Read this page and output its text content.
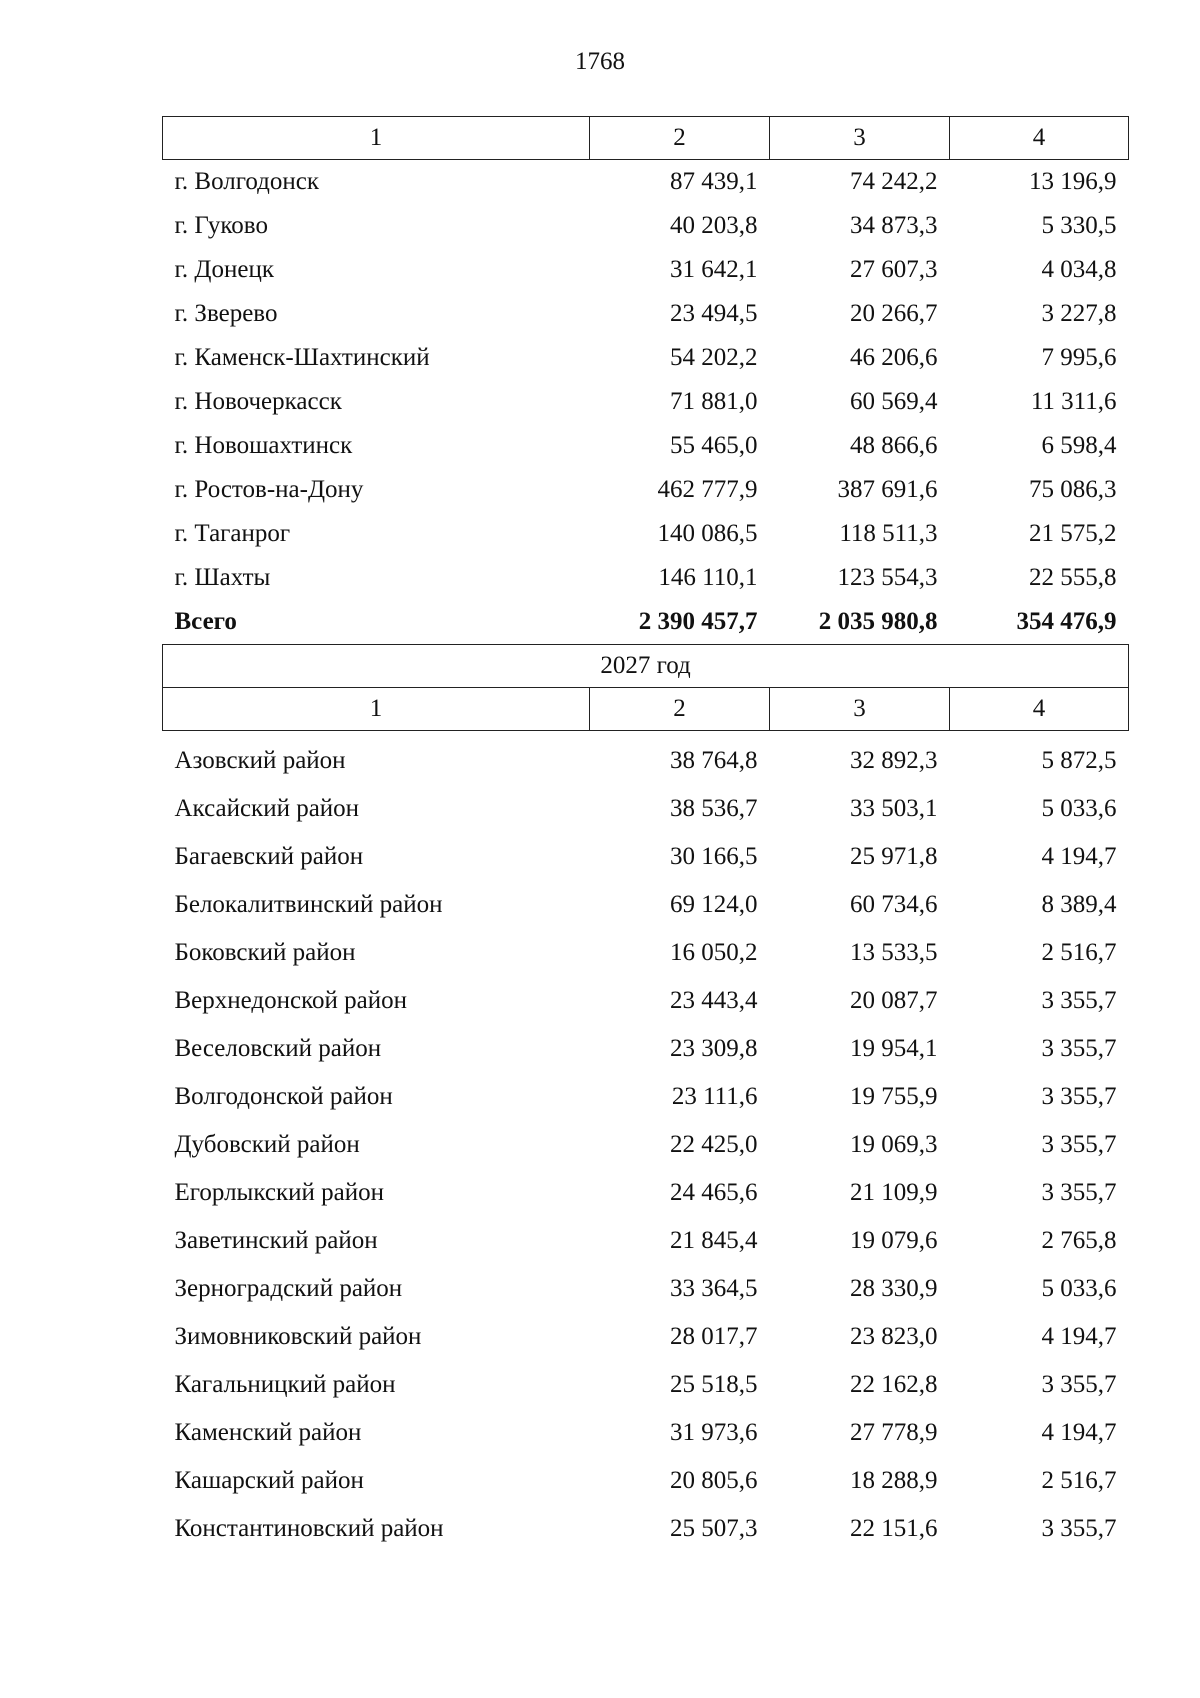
1768
1	2	3	4
г. Волгодонск	87 439,1	74 242,2	13 196,9
г. Гуково	40 203,8	34 873,3	5 330,5
г. Донецк	31 642,1	27 607,3	4 034,8
г. Зверево	23 494,5	20 266,7	3 227,8
г. Каменск-Шахтинский	54 202,2	46 206,6	7 995,6
г. Новочеркасск	71 881,0	60 569,4	11 311,6
г. Новошахтинск	55 465,0	48 866,6	6 598,4
г. Ростов-на-Дону	462 777,9	387 691,6	75 086,3
г. Таганрог	140 086,5	118 511,3	21 575,2
г. Шахты	146 110,1	123 554,3	22 555,8
Всего	2 390 457,7	2 035 980,8	354 476,9
2027 год			
1	2	3	4

Азовский район	38 764,8	32 892,3	5 872,5
Аксайский район	38 536,7	33 503,1	5 033,6
Багаевский район	30 166,5	25 971,8	4 194,7
Белокалитвинский район	69 124,0	60 734,6	8 389,4
Боковский район	16 050,2	13 533,5	2 516,7
Верхнедонской район	23 443,4	20 087,7	3 355,7
Веселовский район	23 309,8	19 954,1	3 355,7
Волгодонской район	23 111,6	19 755,9	3 355,7
Дубовский район	22 425,0	19 069,3	3 355,7
Егорлыкский район	24 465,6	21 109,9	3 355,7
Заветинский район	21 845,4	19 079,6	2 765,8
Зерноградский район	33 364,5	28 330,9	5 033,6
Зимовниковский район	28 017,7	23 823,0	4 194,7
Кагальницкий район	25 518,5	22 162,8	3 355,7
Каменский район	31 973,6	27 778,9	4 194,7
Кашарский район	20 805,6	18 288,9	2 516,7
Константиновский район	25 507,3	22 151,6	3 355,7
